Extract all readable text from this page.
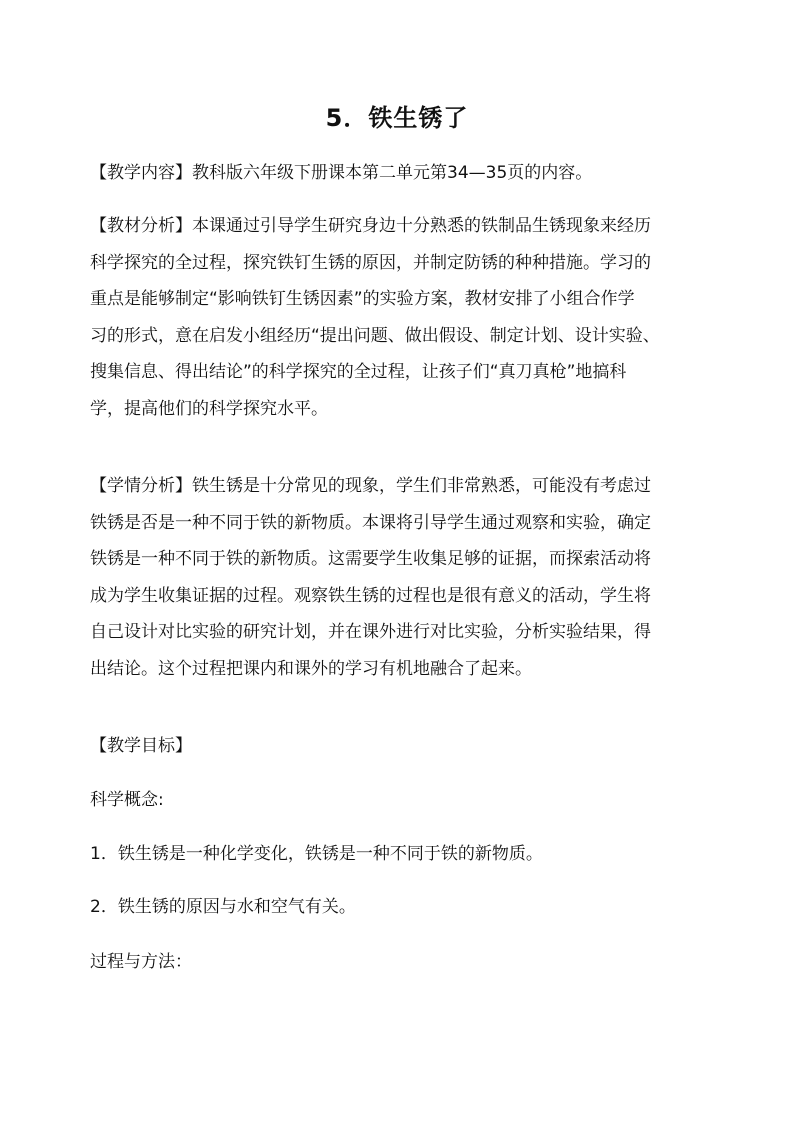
5．铁生锈了

【教学内容】教科版六年级下册课本第二单元第34—35页的内容。

【教材分析】本课通过引导学生研究身边十分熟悉的铁制品生锈现象来经历
科学探究的全过程，探究铁钉生锈的原因，并制定防锈的种种措施。学习的
重点是能够制定“影响铁钉生锈因素”的实验方案，教材安排了小组合作学
习的形式，意在启发小组经历“提出问题、做出假设、制定计划、设计实验、
搜集信息、得出结论”的科学探究的全过程，让孩子们“真刀真枪”地搞科
学，提高他们的科学探究水平。

【学情分析】铁生锈是十分常见的现象，学生们非常熟悉，可能没有考虑过
铁锈是否是一种不同于铁的新物质。本课将引导学生通过观察和实验，确定
铁锈是一种不同于铁的新物质。这需要学生收集足够的证据，而探索活动将
成为学生收集证据的过程。观察铁生锈的过程也是很有意义的活动，学生将
自己设计对比实验的研究计划，并在课外进行对比实验，分析实验结果，得
出结论。这个过程把课内和课外的学习有机地融合了起来。

【教学目标】

科学概念:

1．铁生锈是一种化学变化，铁锈是一种不同于铁的新物质。

2．铁生锈的原因与水和空气有关。

过程与方法：
